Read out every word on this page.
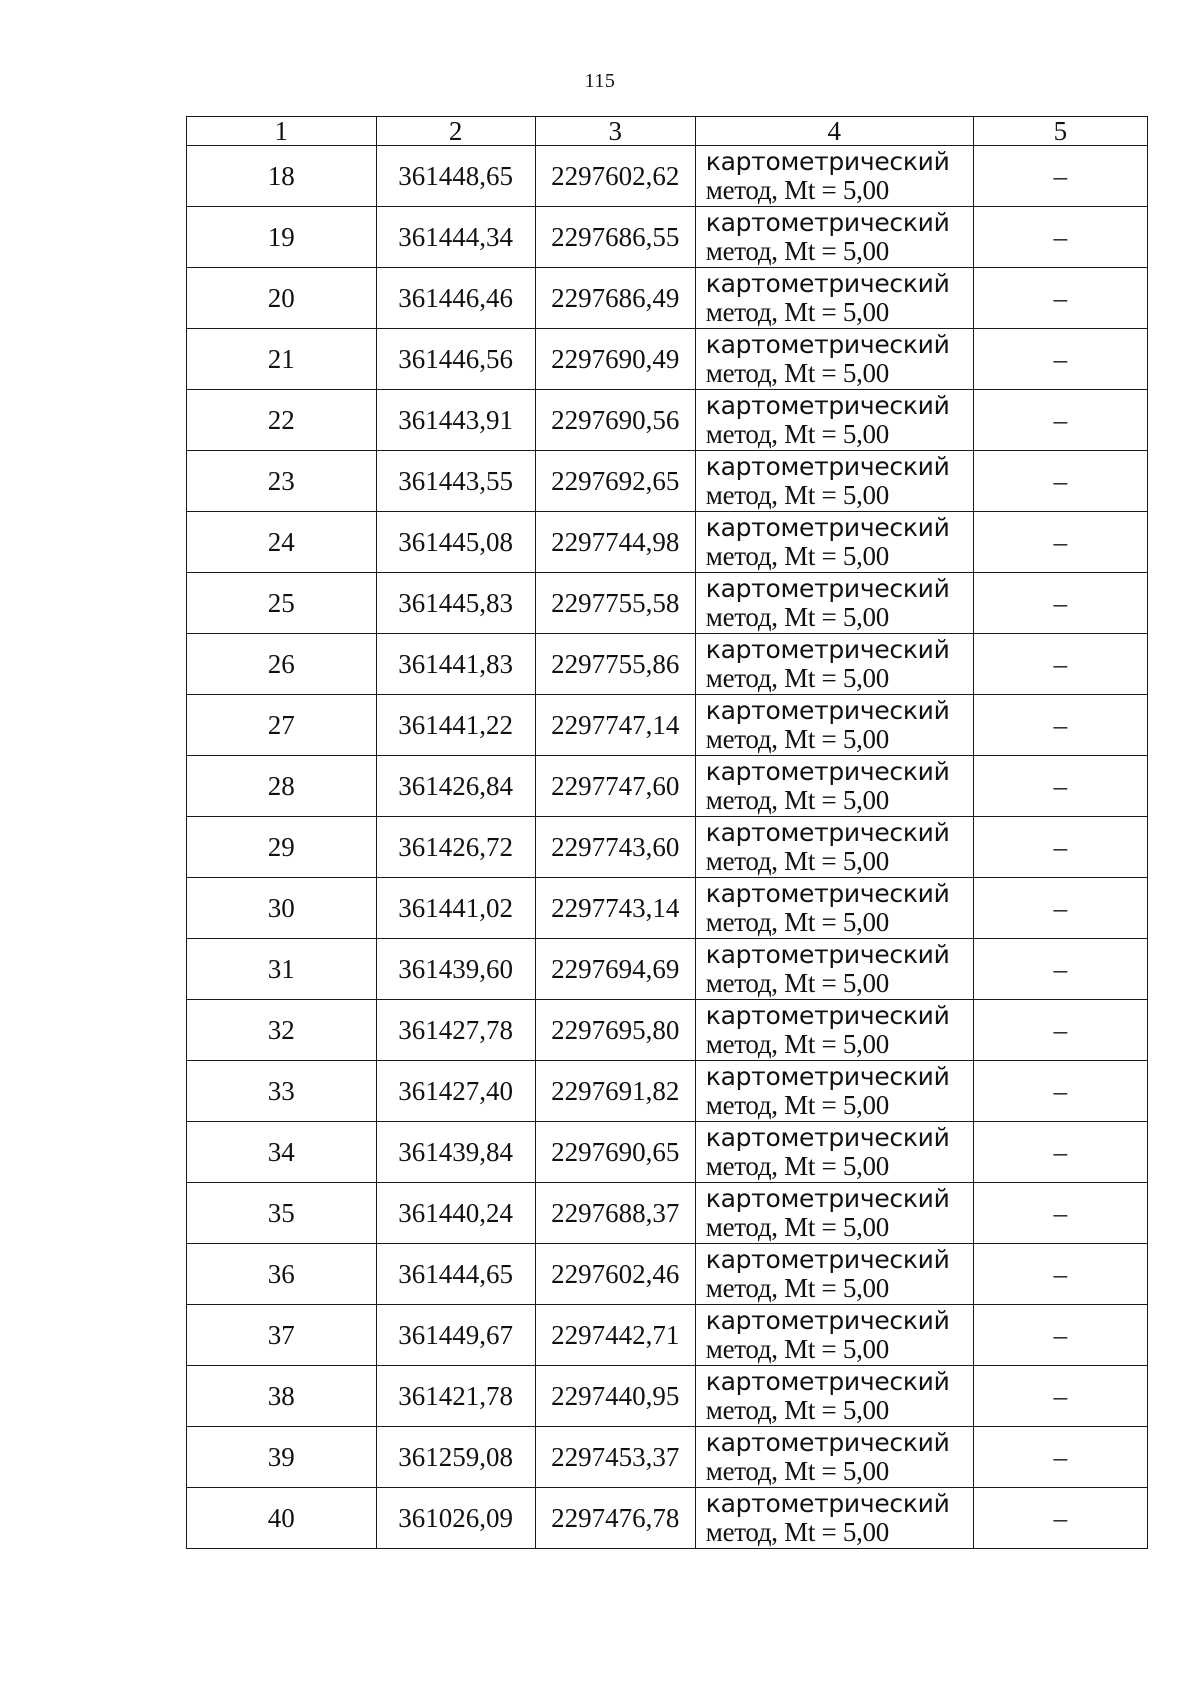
115
1	2	3	4	5
18	361448,65	2297602,62	картометрический
метод, Mt = 5,00	–
19	361444,34	2297686,55	картометрический
метод, Mt = 5,00	–
20	361446,46	2297686,49	картометрический
метод, Mt = 5,00	–
21	361446,56	2297690,49	картометрический
метод, Mt = 5,00	–
22	361443,91	2297690,56	картометрический
метод, Mt = 5,00	–
23	361443,55	2297692,65	картометрический
метод, Mt = 5,00	–
24	361445,08	2297744,98	картометрический
метод, Mt = 5,00	–
25	361445,83	2297755,58	картометрический
метод, Mt = 5,00	–
26	361441,83	2297755,86	картометрический
метод, Mt = 5,00	–
27	361441,22	2297747,14	картометрический
метод, Mt = 5,00	–
28	361426,84	2297747,60	картометрический
метод, Mt = 5,00	–
29	361426,72	2297743,60	картометрический
метод, Mt = 5,00	–
30	361441,02	2297743,14	картометрический
метод, Mt = 5,00	–
31	361439,60	2297694,69	картометрический
метод, Mt = 5,00	–
32	361427,78	2297695,80	картометрический
метод, Mt = 5,00	–
33	361427,40	2297691,82	картометрический
метод, Mt = 5,00	–
34	361439,84	2297690,65	картометрический
метод, Mt = 5,00	–
35	361440,24	2297688,37	картометрический
метод, Mt = 5,00	–
36	361444,65	2297602,46	картометрический
метод, Mt = 5,00	–
37	361449,67	2297442,71	картометрический
метод, Mt = 5,00	–
38	361421,78	2297440,95	картометрический
метод, Mt = 5,00	–
39	361259,08	2297453,37	картометрический
метод, Mt = 5,00	–
40	361026,09	2297476,78	картометрический
метод, Mt = 5,00	–
